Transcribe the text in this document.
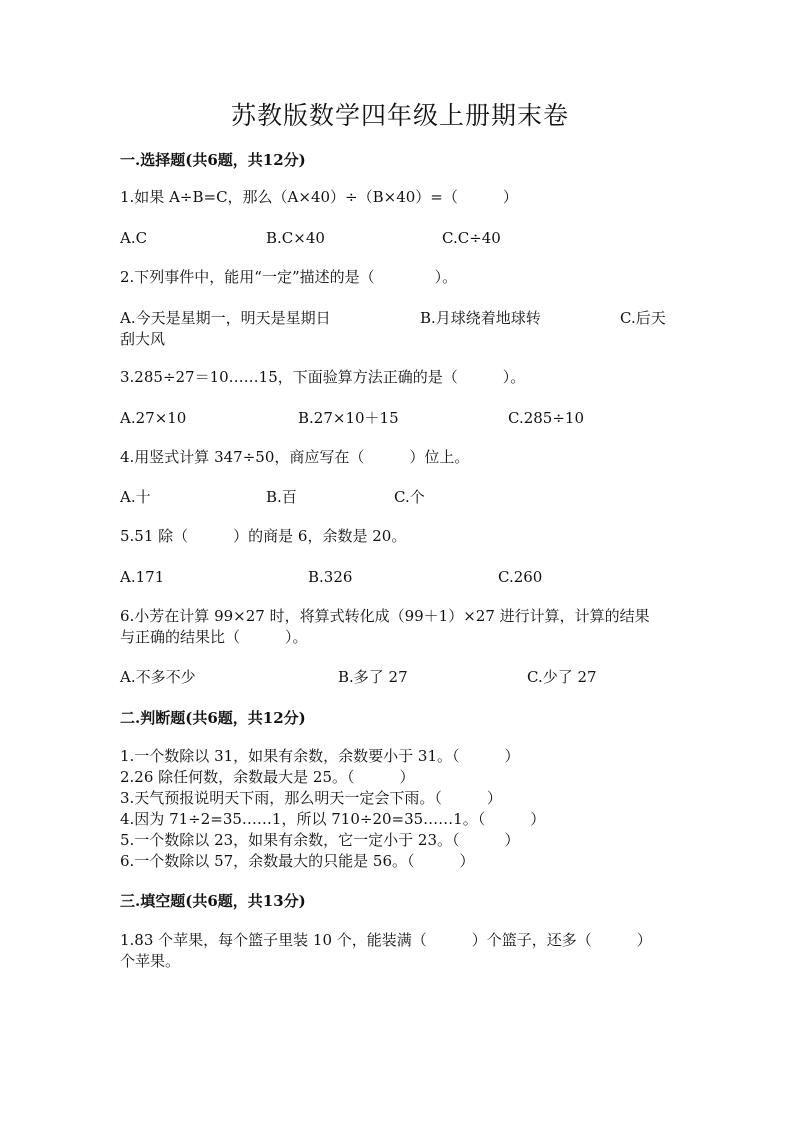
苏教版数学四年级上册期末卷
一.选择题(共6题，共12分)
1.如果 A÷B=C，那么（A×40）÷（B×40）=（　　　）
A.C	B.C×40	C.C÷40
2.下列事件中，能用“一定”描述的是（　　　　）。
A.今天是星期一，明天是星期日	B.月球绕着地球转	C.后天
刮大风
3.285÷27＝10……15，下面验算方法正确的是（　　　）。
A.27×10	B.27×10＋15	C.285÷10
4.用竖式计算 347÷50，商应写在（　　　）位上。
A.十	B.百	C.个
5.51 除（　　　）的商是 6，余数是 20。
A.171	B.326	C.260
6.小芳在计算 99×27 时，将算式转化成（99＋1）×27 进行计算，计算的结果
与正确的结果比（　　　）。
A.不多不少	B.多了 27	C.少了 27
二.判断题(共6题，共12分)
1.一个数除以 31，如果有余数，余数要小于 31。（　　　）
2.26 除任何数，余数最大是 25。（　　　）
3.天气预报说明天下雨，那么明天一定会下雨。（　　　）
4.因为 71÷2=35……1，所以 710÷20=35……1。（　　　）
5.一个数除以 23，如果有余数，它一定小于 23。（　　　）
6.一个数除以 57，余数最大的只能是 56。（　　　）
三.填空题(共6题，共13分)
1.83 个苹果，每个篮子里装 10 个，能装满（　　　）个篮子，还多（　　　）
个苹果。
